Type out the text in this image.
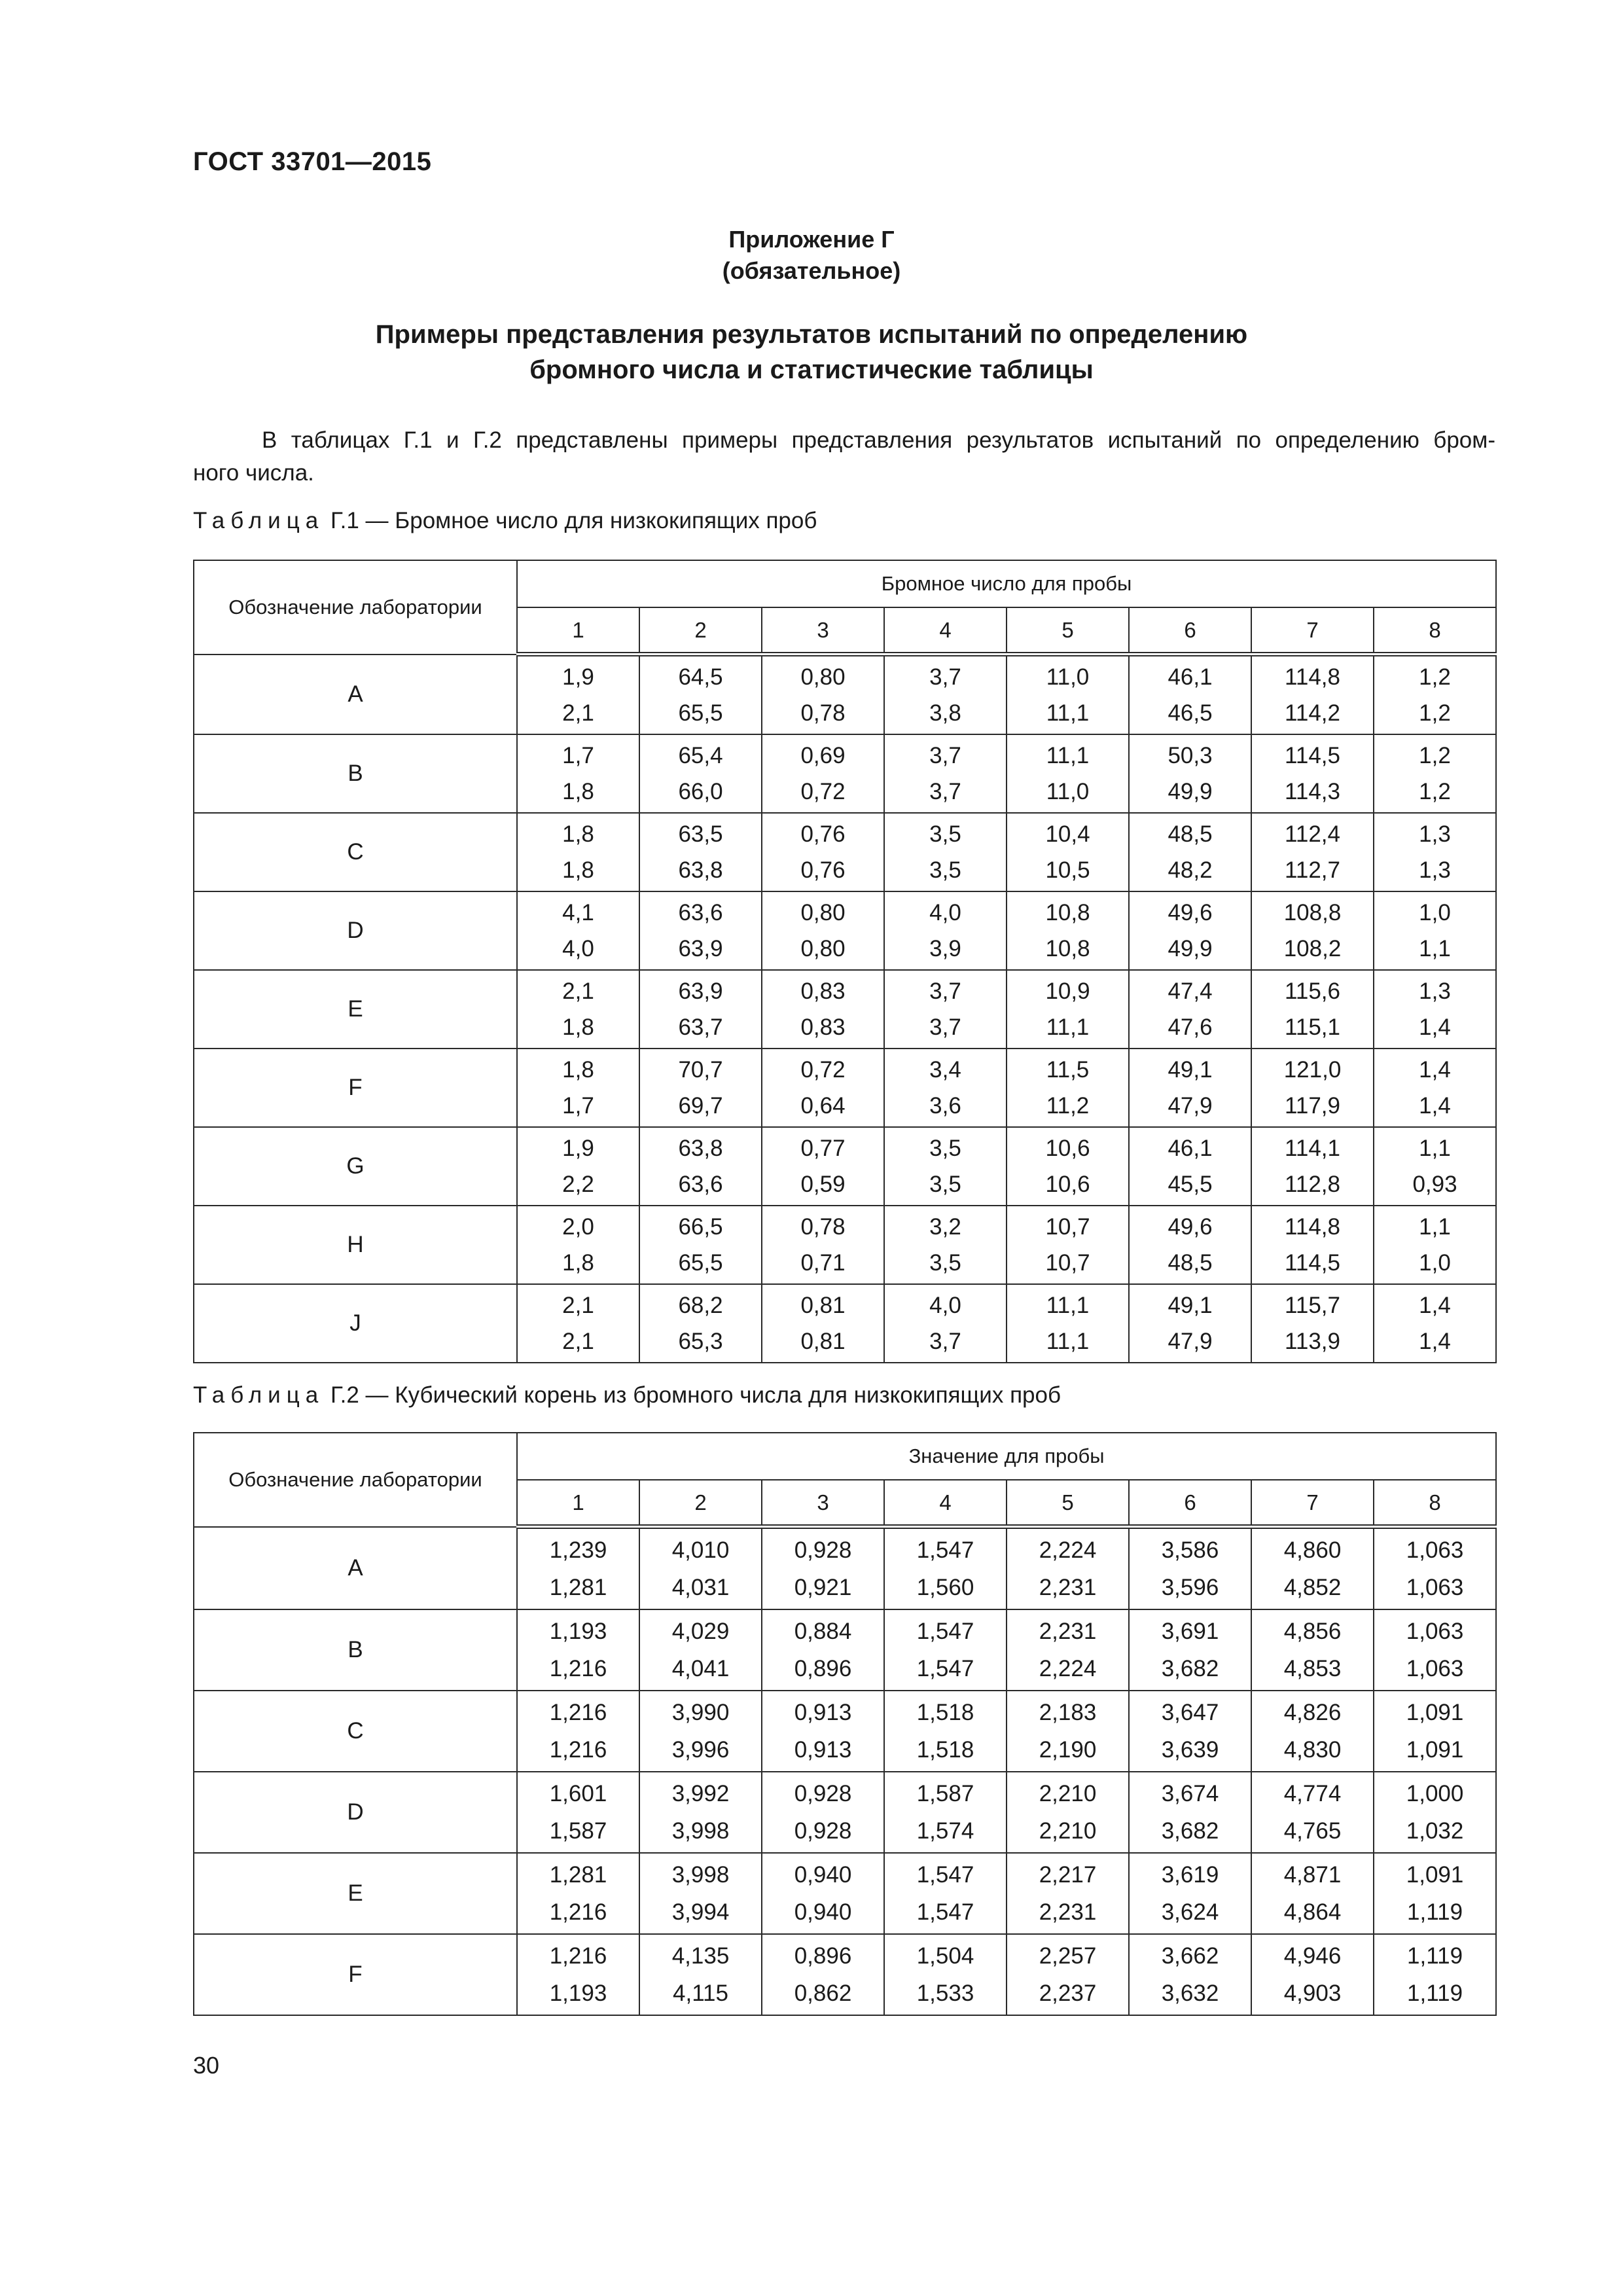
ГОСТ 33701—2015
Приложение Г
(обязательное)
Примеры представления результатов испытаний по определению
бромного числа и статистические таблицы
В таблицах Г.1 и Г.2 представлены примеры представления результатов испытаний по определению бром-
ного числа.
Таблица Г.1 — Бромное число для низкокипящих проб
Обозначение лаборатории	Бромное число для пробы							
	1	2	3	4	5	6	7	8
A	1,9	64,5	0,80	3,7	11,0	46,1	114,8	1,2
	2,1	65,5	0,78	3,8	11,1	46,5	114,2	1,2
B	1,7	65,4	0,69	3,7	11,1	50,3	114,5	1,2
	1,8	66,0	0,72	3,7	11,0	49,9	114,3	1,2
C	1,8	63,5	0,76	3,5	10,4	48,5	112,4	1,3
	1,8	63,8	0,76	3,5	10,5	48,2	112,7	1,3
D	4,1	63,6	0,80	4,0	10,8	49,6	108,8	1,0
	4,0	63,9	0,80	3,9	10,8	49,9	108,2	1,1
E	2,1	63,9	0,83	3,7	10,9	47,4	115,6	1,3
	1,8	63,7	0,83	3,7	11,1	47,6	115,1	1,4
F	1,8	70,7	0,72	3,4	11,5	49,1	121,0	1,4
	1,7	69,7	0,64	3,6	11,2	47,9	117,9	1,4
G	1,9	63,8	0,77	3,5	10,6	46,1	114,1	1,1
	2,2	63,6	0,59	3,5	10,6	45,5	112,8	0,93
H	2,0	66,5	0,78	3,2	10,7	49,6	114,8	1,1
	1,8	65,5	0,71	3,5	10,7	48,5	114,5	1,0
J	2,1	68,2	0,81	4,0	11,1	49,1	115,7	1,4
	2,1	65,3	0,81	3,7	11,1	47,9	113,9	1,4
Таблица Г.2 — Кубический корень из бромного числа для низкокипящих проб
Обозначение лаборатории	Значение для пробы							
	1	2	3	4	5	6	7	8
A	1,239	4,010	0,928	1,547	2,224	3,586	4,860	1,063
	1,281	4,031	0,921	1,560	2,231	3,596	4,852	1,063
B	1,193	4,029	0,884	1,547	2,231	3,691	4,856	1,063
	1,216	4,041	0,896	1,547	2,224	3,682	4,853	1,063
C	1,216	3,990	0,913	1,518	2,183	3,647	4,826	1,091
	1,216	3,996	0,913	1,518	2,190	3,639	4,830	1,091
D	1,601	3,992	0,928	1,587	2,210	3,674	4,774	1,000
	1,587	3,998	0,928	1,574	2,210	3,682	4,765	1,032
E	1,281	3,998	0,940	1,547	2,217	3,619	4,871	1,091
	1,216	3,994	0,940	1,547	2,231	3,624	4,864	1,119
F	1,216	4,135	0,896	1,504	2,257	3,662	4,946	1,119
	1,193	4,115	0,862	1,533	2,237	3,632	4,903	1,119
30
